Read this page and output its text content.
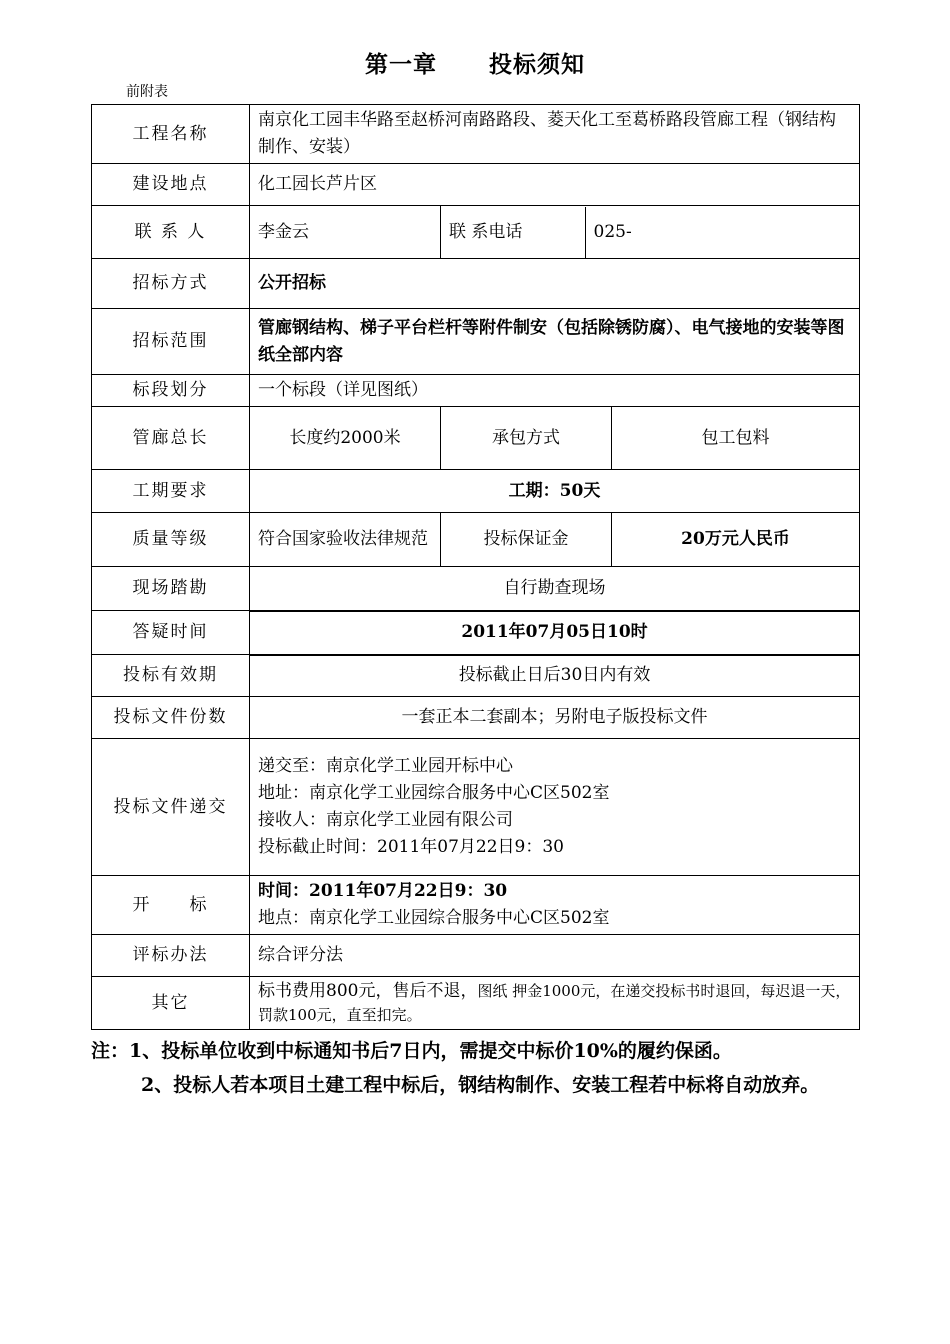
第一章 投标须知
前附表
工程名称	南京化工园丰华路至赵桥河南路路段、菱天化工至葛桥路段管廊工程（钢结构制作、安装）
建设地点	化工园长芦片区
联 系 人	李金云		联 系电话	025-

招标方式	公开招标
招标范围	管廊钢结构、梯子平台栏杆等附件制安（包括除锈防腐）、电气接地的安装等图纸全部内容
标段划分	一个标段（详见图纸）
管廊总长	长度约2000米	承包方式	包工包料
工期要求	工期：50天
质量等级	符合国家验收法律规范	投标保证金	20万元人民币
现场踏勘	自行勘查现场
答疑时间	2011年07月05日10时
投标有效期	投标截止日后30日内有效
投标文件份数	一套正本二套副本；另附电子版投标文件
投标文件递交	
递交至：南京化学工业园开标中心
地址：南京化学工业园综合服务中心C区502室
接收人：南京化学工业园有限公司
投标截止时间：2011年07月22日9：30

开　　标	
时间：2011年07月22日9：30
地点：南京化学工业园综合服务中心C区502室

评标办法	综合评分法
其它	标书费用800元，售后不退，图纸 押金1000元，在递交投标书时退回，每迟退一天，罚款100元，直至扣完。

注：1、投标单位收到中标通知书后7日内，需提交中标价10%的履约保函。

2、投标人若本项目土建工程中标后，钢结构制作、安装工程若中标将自动放弃。
